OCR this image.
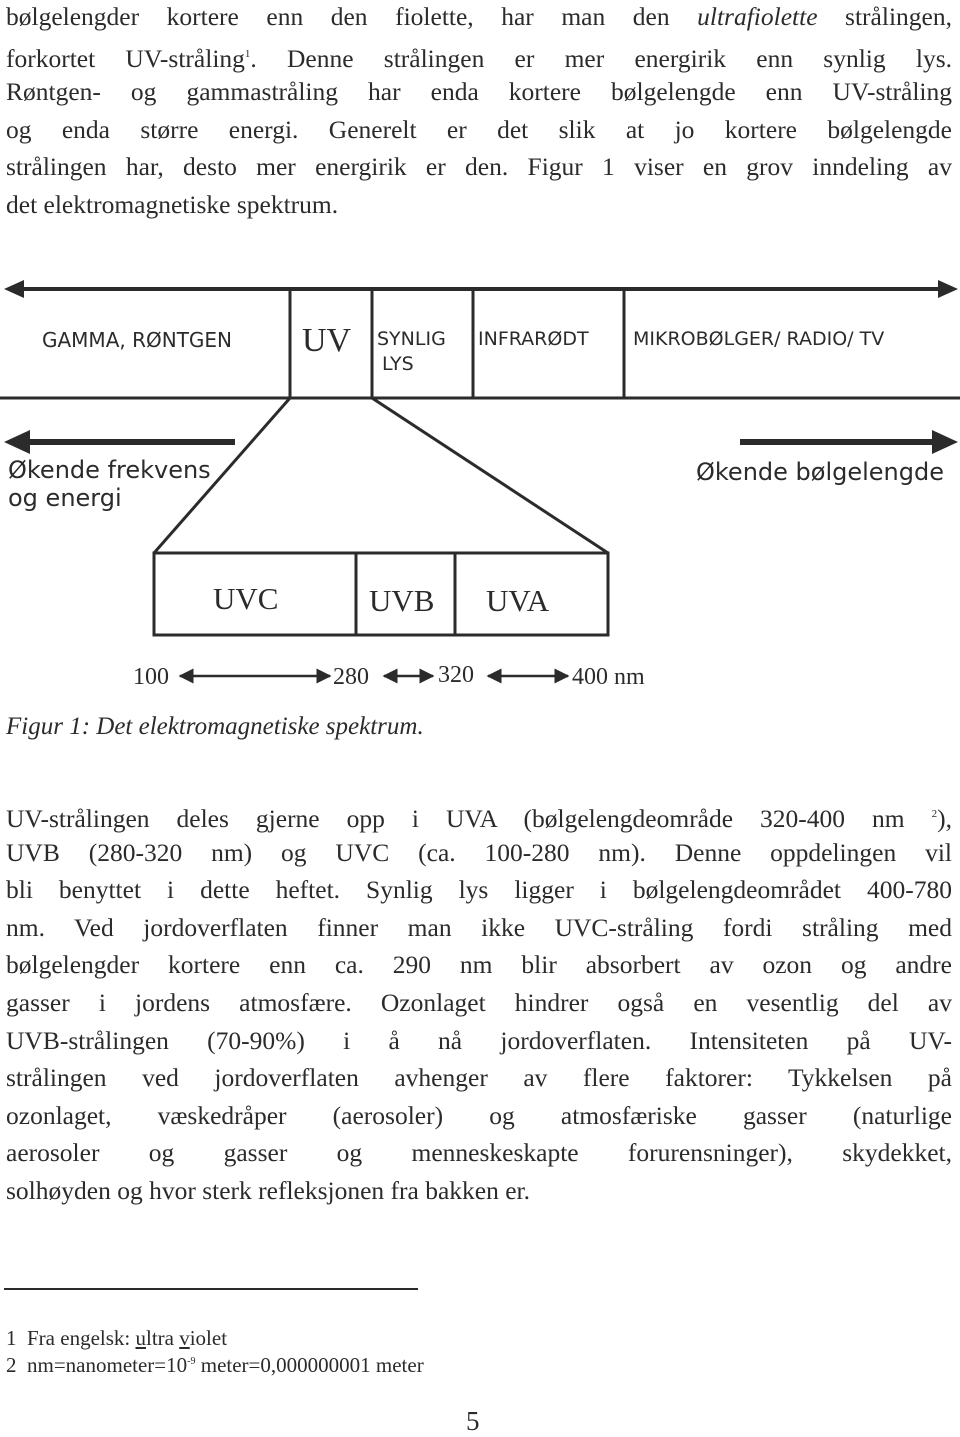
bølgelengder kortere enn den fiolette, har man den ultrafiolette strålingen,
forkortet UV-stråling$^1$. Denne strålingen er mer energirik enn synlig lys.
Røntgen- og gammastråling har enda kortere bølgelengde enn UV-stråling
og enda større energi. Generelt er det slik at jo kortere bølgelengde
strålingen har, desto mer energirik er den. Figur 1 viser en grov inndeling av
det elektromagnetiske spektrum.
GAMMA, RØNTGEN UV SYNLIG
LYS
INFRARØDT MIKROBØLGER/ RADIO/ TV
Økende frekvens
og energi
Økende bølgelengde
UVC	UVB UVA
100	280	320	400 nm
Figur 1: Det elektromagnetiske spektrum.
UV-strålingen deles gjerne opp i UVA (bølgelengdeområde 320-400 nm $^2$),
UVB (280-320 nm) og UVC (ca. 100-280 nm). Denne oppdelingen vil
bli benyttet i dette heftet. Synlig lys ligger i bølgelengdeområdet 400-780
nm. Ved jordoverflaten finner man ikke UVC-stråling fordi stråling med
bølgelengder kortere enn ca. 290 nm blir absorbert av ozon og andre
gasser i jordens atmosfære. Ozonlaget hindrer også en vesentlig del av
UVB-strålingen (70-90%) i å nå jordoverflaten. Intensiteten på UV-
strålingen ved jordoverflaten avhenger av flere faktorer: Tykkelsen på
ozonlaget, væskedråper (aerosoler) og atmosfæriske gasser (naturlige
aerosoler og gasser og menneskeskapte forurensninger), skydekket,
solhøyden og hvor sterk refleksjonen fra bakken er.
1 Fra engelsk: ultra violet
2 $nm=nanometer=10^{-9}$ meter=0,000000001 meter
5
